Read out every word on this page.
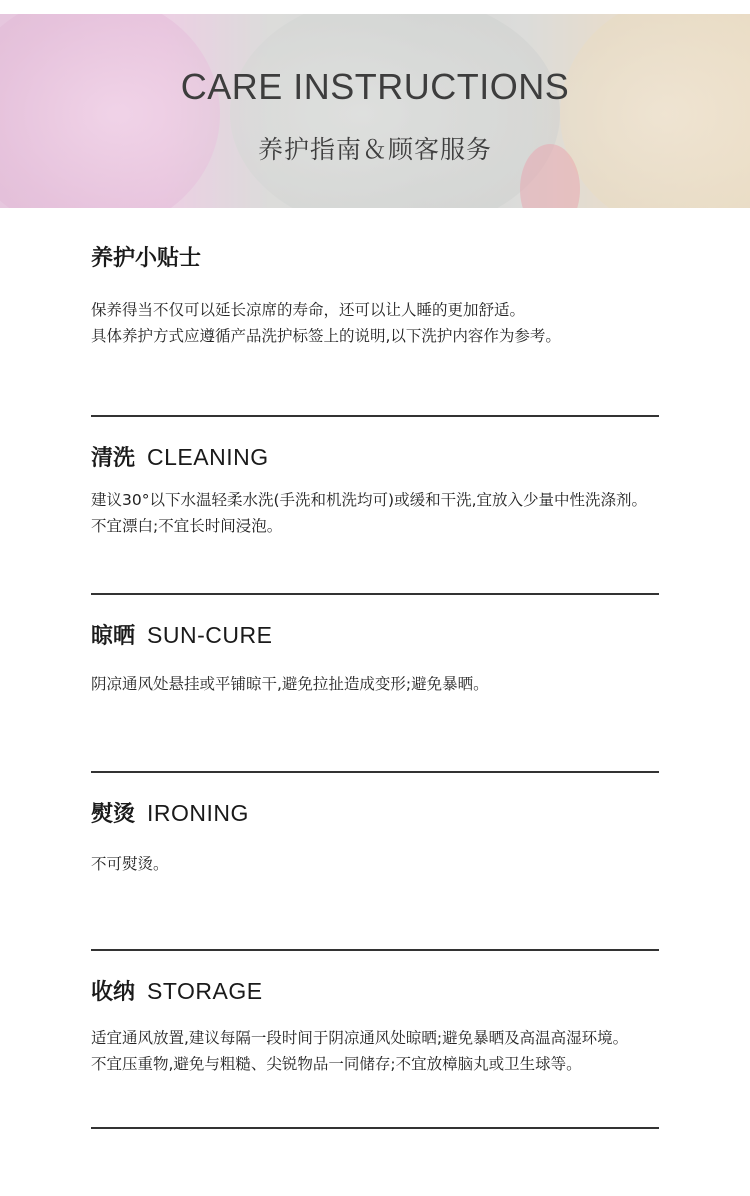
CARE INSTRUCTIONS
养护指南＆顾客服务
养护小贴士

保养得当不仅可以延长凉席的寿命，还可以让人睡的更加舒适。

具体养护方式应遵循产品洗护标签上的说明,以下洗护内容作为参考。

清洗 CLEANING

建议30°以下水温轻柔水洗(手洗和机洗均可)或缓和干洗,宜放入少量中性洗涤剂。

不宜漂白;不宜长时间浸泡。

晾晒 SUN-CURE

阴凉通风处悬挂或平铺晾干,避免拉扯造成变形;避免暴晒。

熨烫 IRONING

不可熨烫。

收纳 STORAGE

适宜通风放置,建议每隔一段时间于阴凉通风处晾晒;避免暴晒及高温高湿环境。

不宜压重物,避免与粗糙、尖锐物品一同储存;不宜放樟脑丸或卫生球等。
